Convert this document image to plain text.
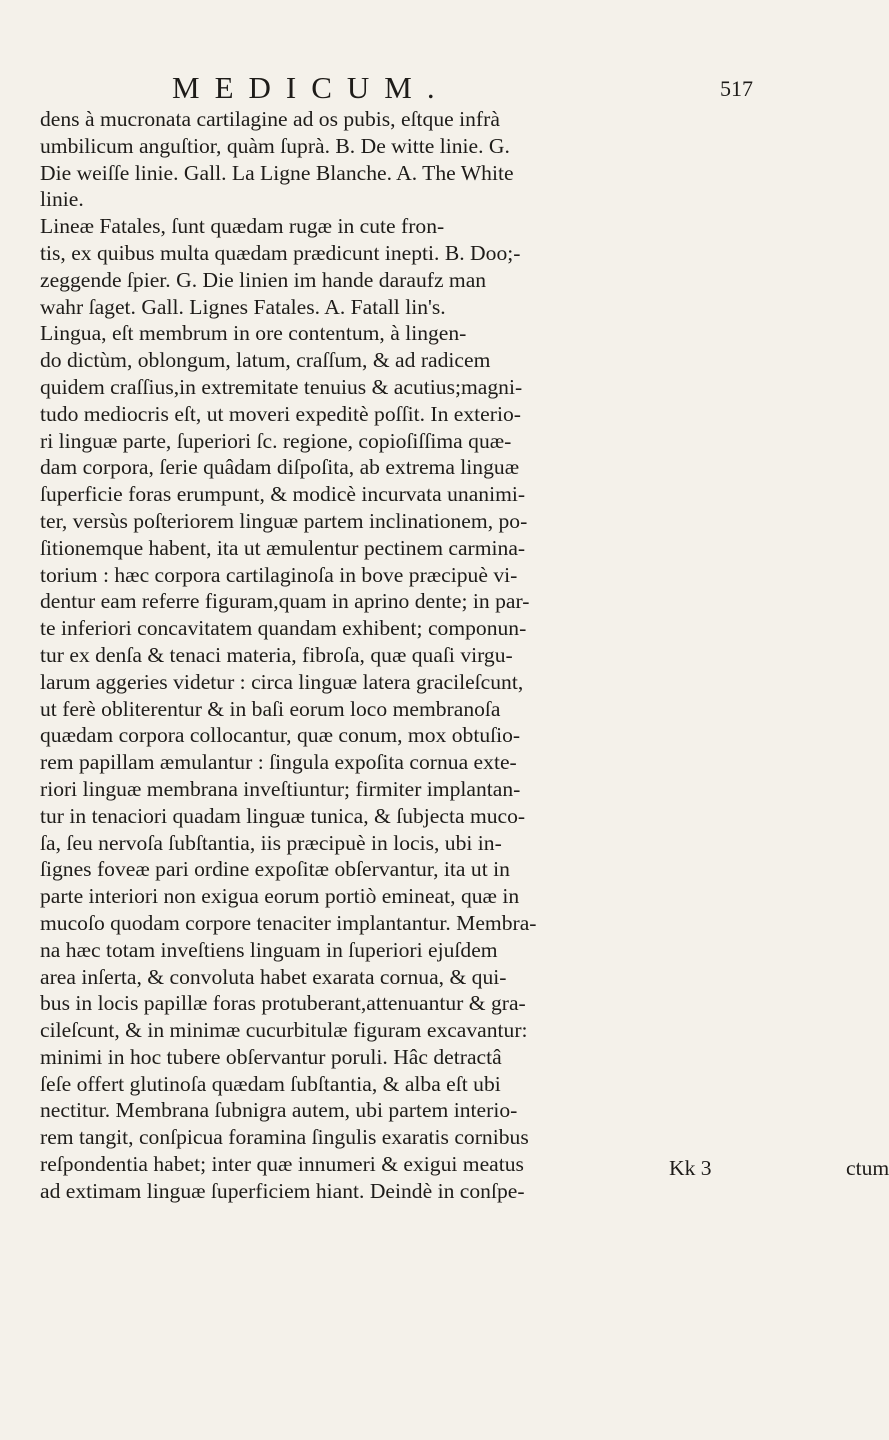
MEDICUM.	517
dens à mucronata cartilagine ad os pubis, eſtque infrà
umbilicum anguſtior, quàm ſuprà. B. De witte linie. G.
Die weiſſe linie. Gall. La Ligne Blanche. A. The White
linie.
Lineæ Fatales, ſunt quædam rugæ in cute fron-
tis, ex quibus multa quædam prædicunt inepti. B. Doo;-
zeggende ſpier. G. Die linien im hande daraufz man
wahr ſaget. Gall. Lignes Fatales. A. Fatall lin's.
Lingua, eſt membrum in ore contentum, à lingen-
do dictùm, oblongum, latum, craſſum, & ad radicem
quidem craſſius,in extremitate tenuius & acutius;magni-
tudo mediocris eſt, ut moveri expeditè poſſit. In exterio-
ri linguæ parte, ſuperiori ſc. regione, copioſiſſima quæ-
dam corpora, ſerie quâdam diſpoſita, ab extrema linguæ
ſuperficie foras erumpunt, & modicè incurvata unanimi-
ter, versùs poſteriorem linguæ partem inclinationem, po-
ſitionemque habent, ita ut æmulentur pectinem carmina-
torium : hæc corpora cartilaginoſa in bove præcipuè vi-
dentur eam referre figuram,quam in aprino dente; in par-
te inferiori concavitatem quandam exhibent; componun-
tur ex denſa & tenaci materia, fibroſa, quæ quaſi virgu-
larum aggeries videtur : circa linguæ latera gracileſcunt,
ut ferè obliterentur & in baſi eorum loco membranoſa
quædam corpora collocantur, quæ conum, mox obtuſio-
rem papillam æmulantur : ſingula expoſita cornua exte-
riori linguæ membrana inveſtiuntur; firmiter implantan-
tur in tenaciori quadam linguæ tunica, & ſubjecta muco-
ſa, ſeu nervoſa ſubſtantia, iis præcipuè in locis, ubi in-
ſignes foveæ pari ordine expoſitæ obſervantur, ita ut in
parte interiori non exigua eorum portiò emineat, quæ in
mucoſo quodam corpore tenaciter implantantur. Membra-
na hæc totam inveſtiens linguam in ſuperiori ejuſdem
area inſerta, & convoluta habet exarata cornua, & qui-
bus in locis papillæ foras protuberant,attenuantur & gra-
cileſcunt, & in minimæ cucurbitulæ figuram excavantur:
minimi in hoc tubere obſervantur poruli. Hâc detractâ
ſeſe offert glutinoſa quædam ſubſtantia, & alba eſt ubi
nectitur. Membrana ſubnigra autem, ubi partem interio-
rem tangit, conſpicua foramina ſingulis exaratis cornibus
reſpondentia habet; inter quæ innumeri & exigui meatus
ad extimam linguæ ſuperficiem hiant. Deindè in conſpe-
Kk 3	ctum
